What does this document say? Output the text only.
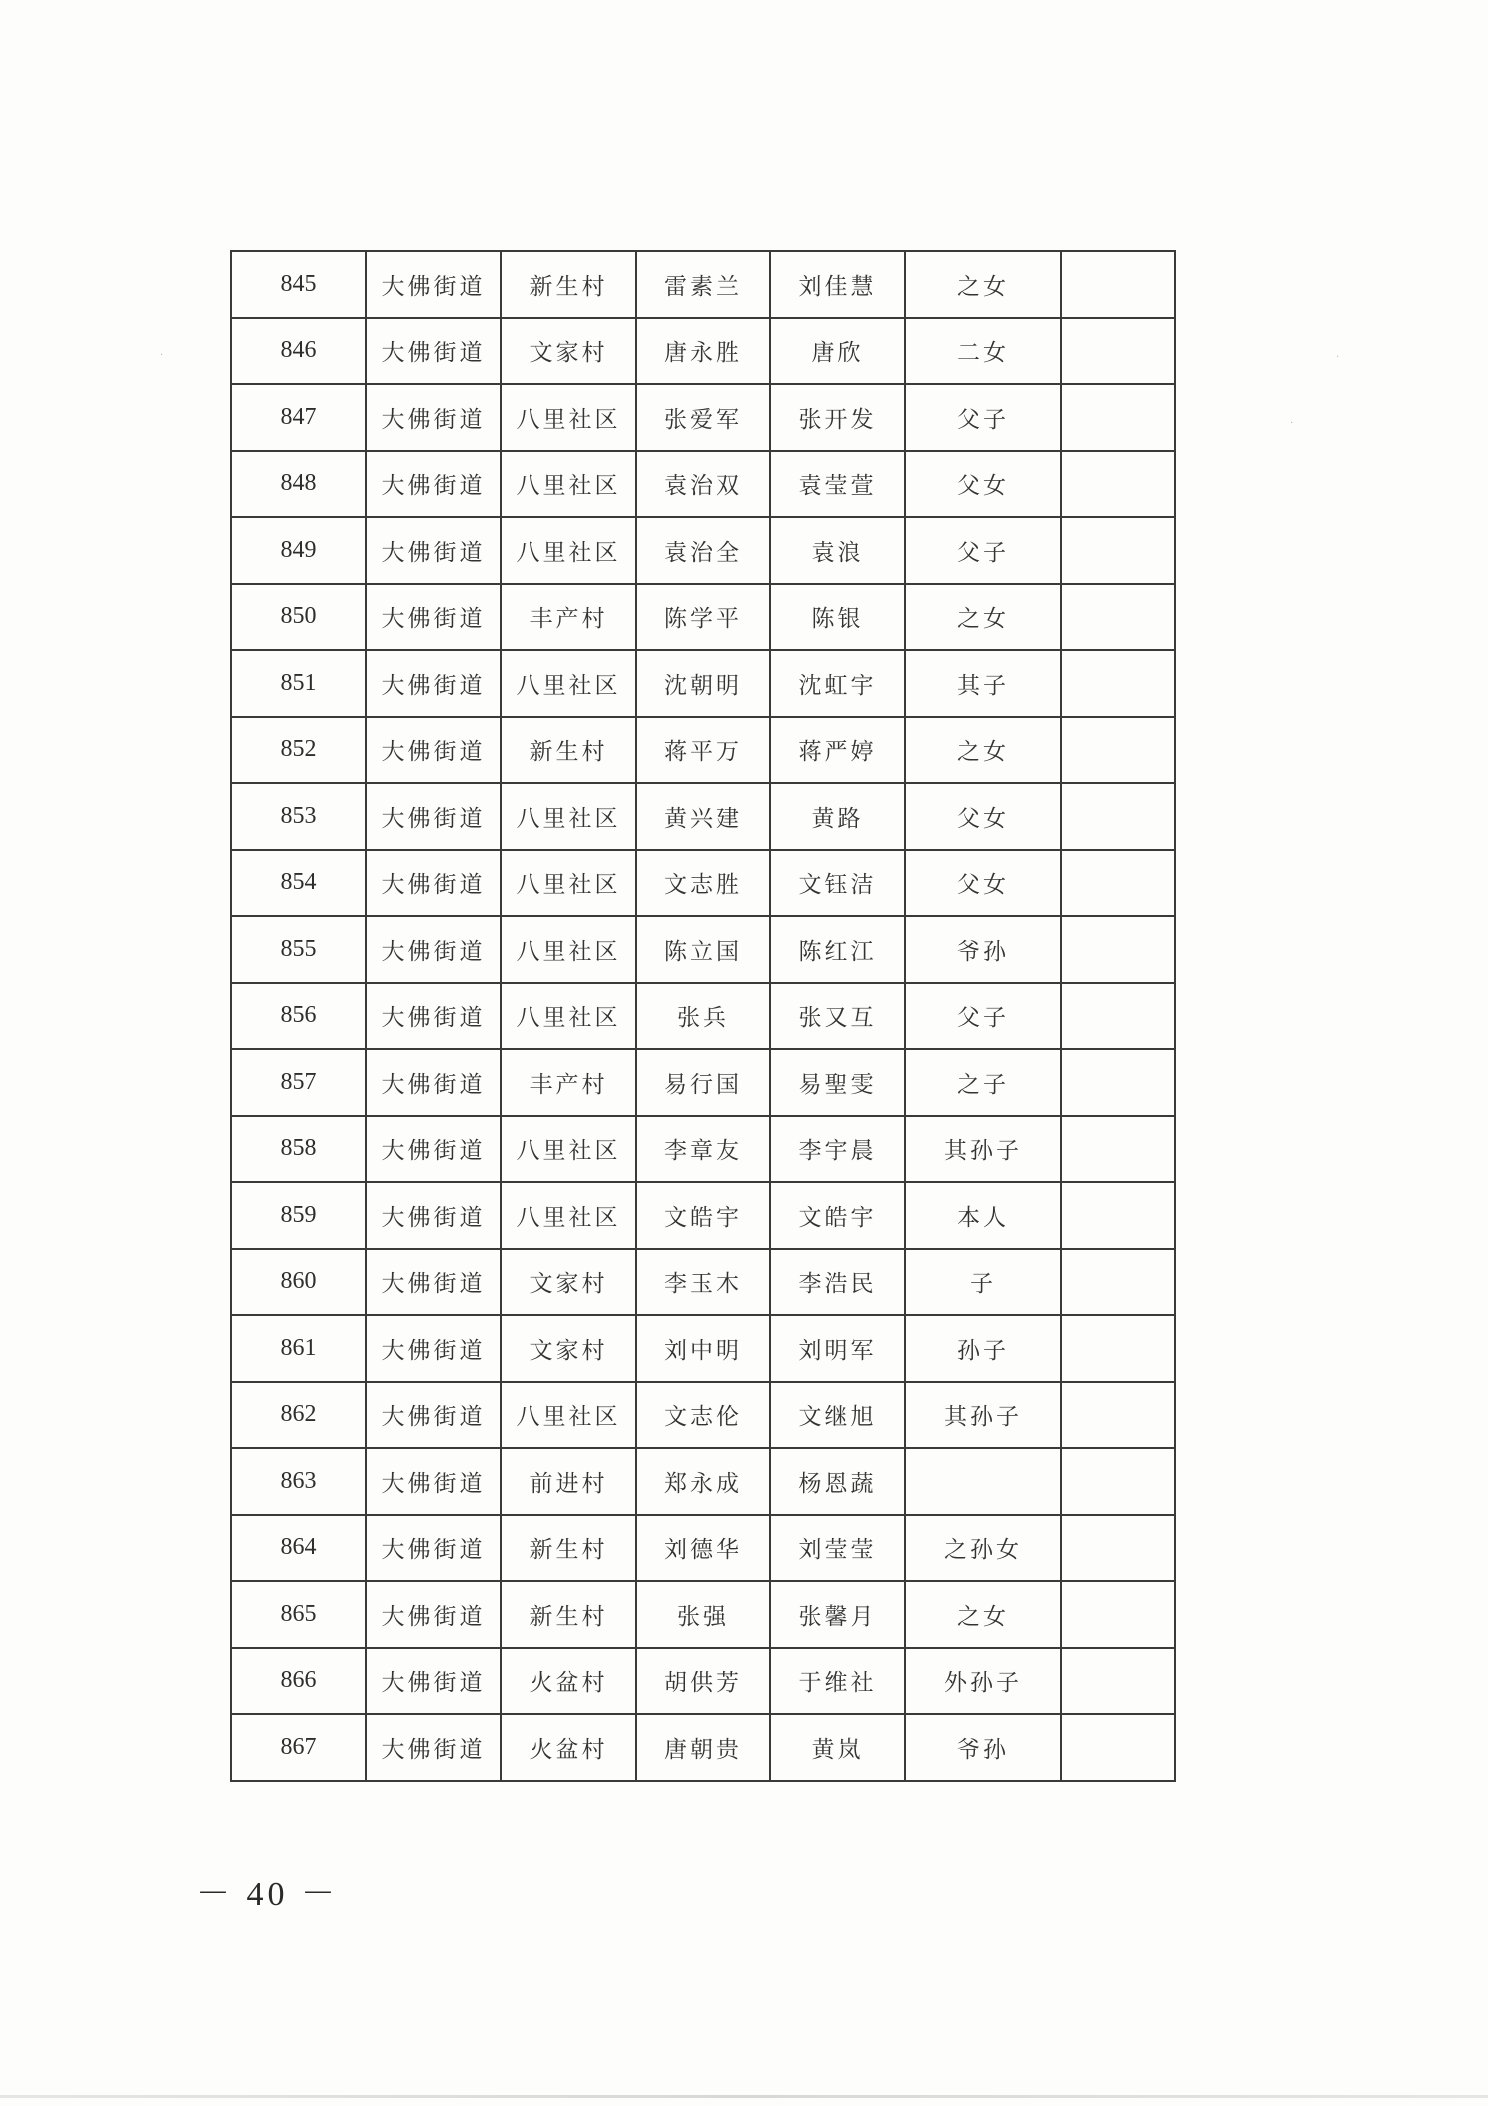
·	·
·
845	大佛街道	新生村	雷素兰	刘佳慧	之女	
846	大佛街道	文家村	唐永胜	唐欣	二女	
847	大佛街道	八里社区	张爱军	张开发	父子	
848	大佛街道	八里社区	袁治双	袁莹萱	父女	
849	大佛街道	八里社区	袁治全	袁浪	父子	
850	大佛街道	丰产村	陈学平	陈银	之女	
851	大佛街道	八里社区	沈朝明	沈虹宇	其子	
852	大佛街道	新生村	蒋平万	蒋严婷	之女	
853	大佛街道	八里社区	黄兴建	黄路	父女	
854	大佛街道	八里社区	文志胜	文钰洁	父女	
855	大佛街道	八里社区	陈立国	陈红江	爷孙	
856	大佛街道	八里社区	张兵	张又互	父子	
857	大佛街道	丰产村	易行国	易聖雯	之子	
858	大佛街道	八里社区	李章友	李宇晨	其孙子	
859	大佛街道	八里社区	文皓宇	文皓宇	本人	
860	大佛街道	文家村	李玉木	李浩民	子	
861	大佛街道	文家村	刘中明	刘明军	孙子	
862	大佛街道	八里社区	文志伦	文继旭	其孙子	
863	大佛街道	前进村	郑永成	杨恩蔬		
864	大佛街道	新生村	刘德华	刘莹莹	之孙女	
865	大佛街道	新生村	张强	张馨月	之女	
866	大佛街道	火盆村	胡供芳	于维社	外孙子	
867	大佛街道	火盆村	唐朝贵	黄岚	爷孙	
－ 40 －
